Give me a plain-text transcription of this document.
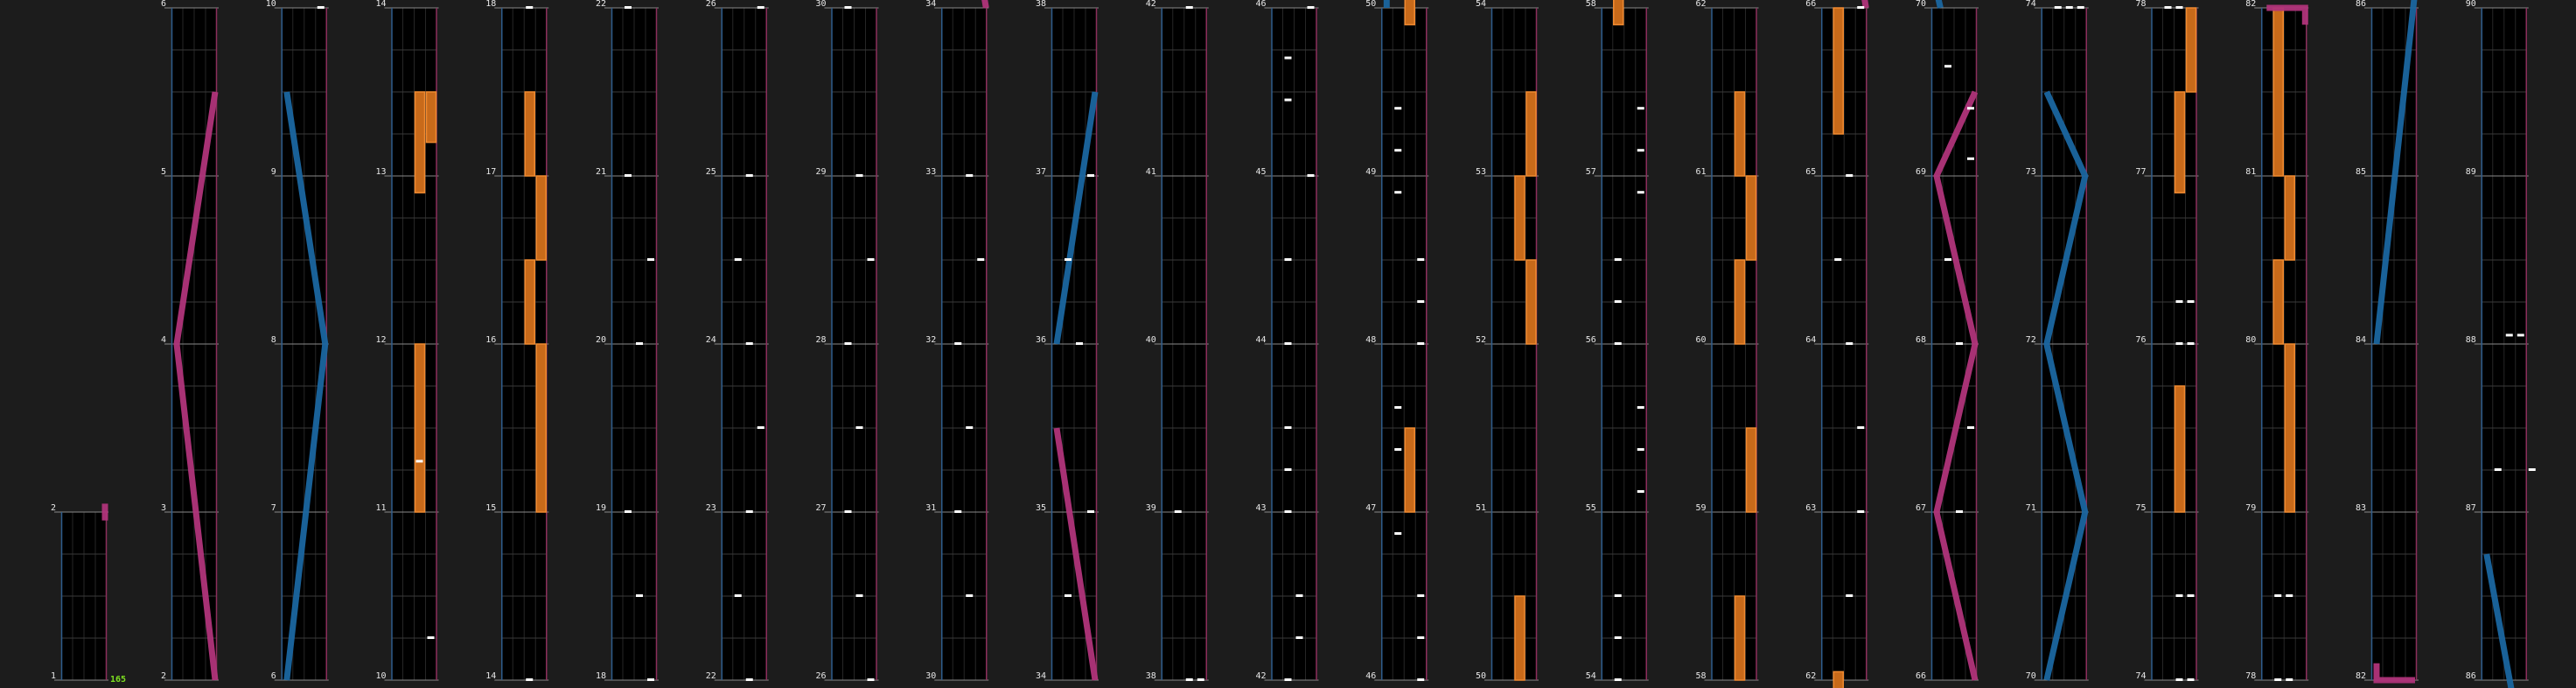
1
2
2
3
4
5
6
6
7
8
9
10
10
11
12
13
14
14
15
16
17
18
18
19
20
21
22
22
23
24
25
26
26
27
28
29
30
30
31
32
33
34
34
35
36
37
38
38
39
40
41
42
42
43
44
45
46
46
47
48
49
50
50
51
52
53
54
54
55
56
57
58
58
59
60
61
62
62
63
64
65
66
66
67
68
69
70
70
71
72
73
74
74
75
76
77
78
78
79
80
81
82
82
83
84
85
86
86
87
88
89
90
165
